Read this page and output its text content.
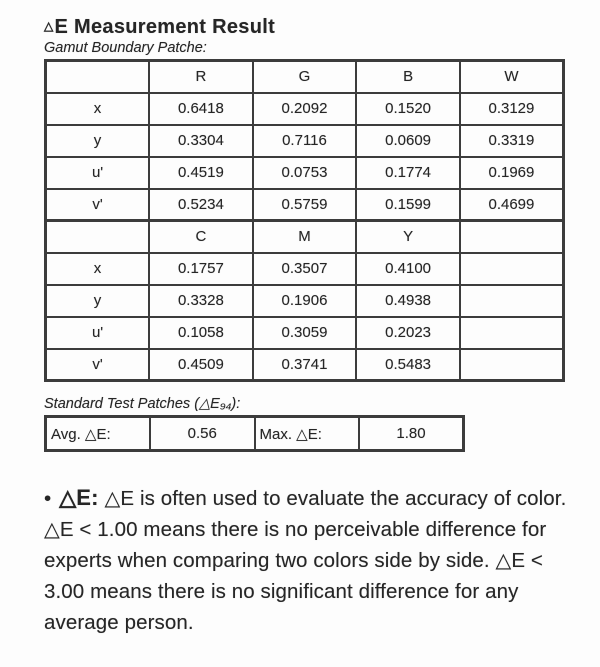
△E Measurement Result
Gamut Boundary Patche:
	R	G	B	W
x	0.6418	0.2092	0.1520	0.3129
y	0.3304	0.7116	0.0609	0.3319
u'	0.4519	0.0753	0.1774	0.1969
v'	0.5234	0.5759	0.1599	0.4699
	C	M	Y	
x	0.1757	0.3507	0.4100	
y	0.3328	0.1906	0.4938	
u'	0.1058	0.3059	0.2023	
v'	0.4509	0.3741	0.5483	
Standard Test Patches (△E₉₄):
Avg. △E:	0.56	Max. △E:	1.80

• △E: △E is often used to evaluate the accuracy of color. △E < 1.00 means there is no perceivable difference for experts when comparing two colors side by side. △E < 3.00 means there is no significant difference for any average person.
